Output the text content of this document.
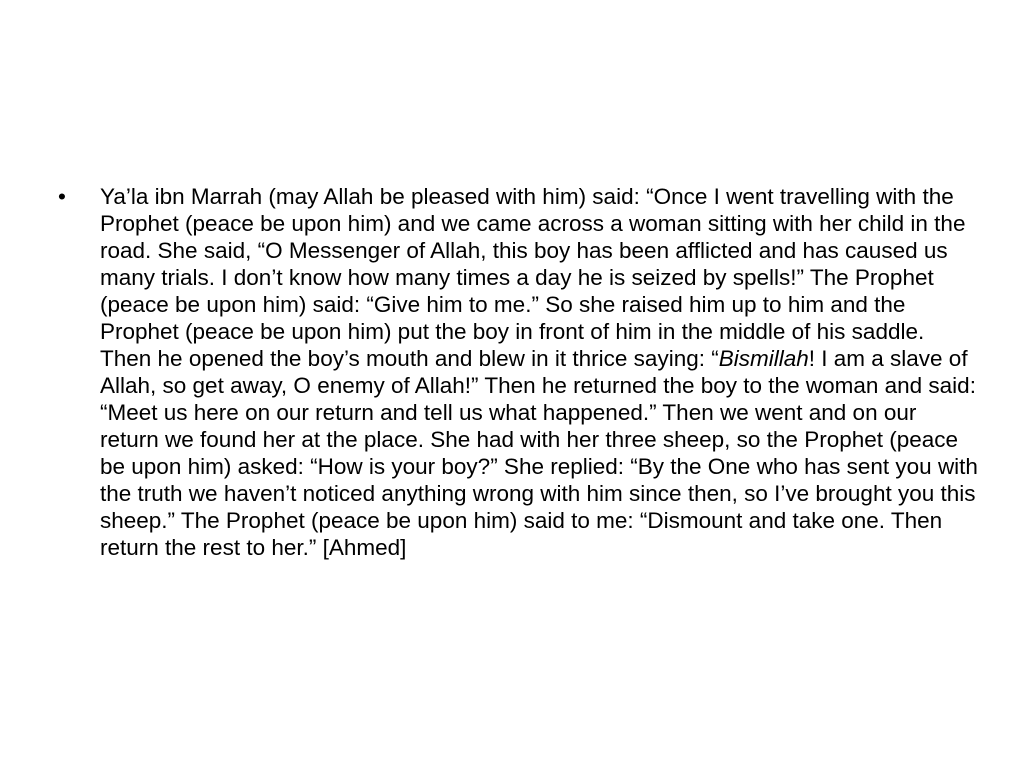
•	Ya’la ibn Marrah (may Allah be pleased with him) said: “Once I went travelling with the Prophet (peace be upon him) and we came across a woman sitting with her child in the road. She said, “O Messenger of Allah, this boy has been afflicted and has caused us many trials. I don’t know how many times a day he is seized by spells!” The Prophet (peace be upon him) said: “Give him to me.” So she raised him up to him and the Prophet (peace be upon him) put the boy in front of him in the middle of his saddle. Then he opened the boy’s mouth and blew in it thrice saying: “Bismillah! I am a slave of Allah, so get away, O enemy of Allah!” Then he returned the boy to the woman and said: “Meet us here on our return and tell us what happened.” Then we went and on our return we found her at the place. She had with her three sheep, so the Prophet (peace be upon him) asked: “How is your boy?” She replied: “By the One who has sent you with the truth we haven’t noticed anything wrong with him since then, so I’ve brought you this sheep.” The Prophet (peace be upon him) said to me: “Dismount and take one. Then return the rest to her.” [Ahmed]
